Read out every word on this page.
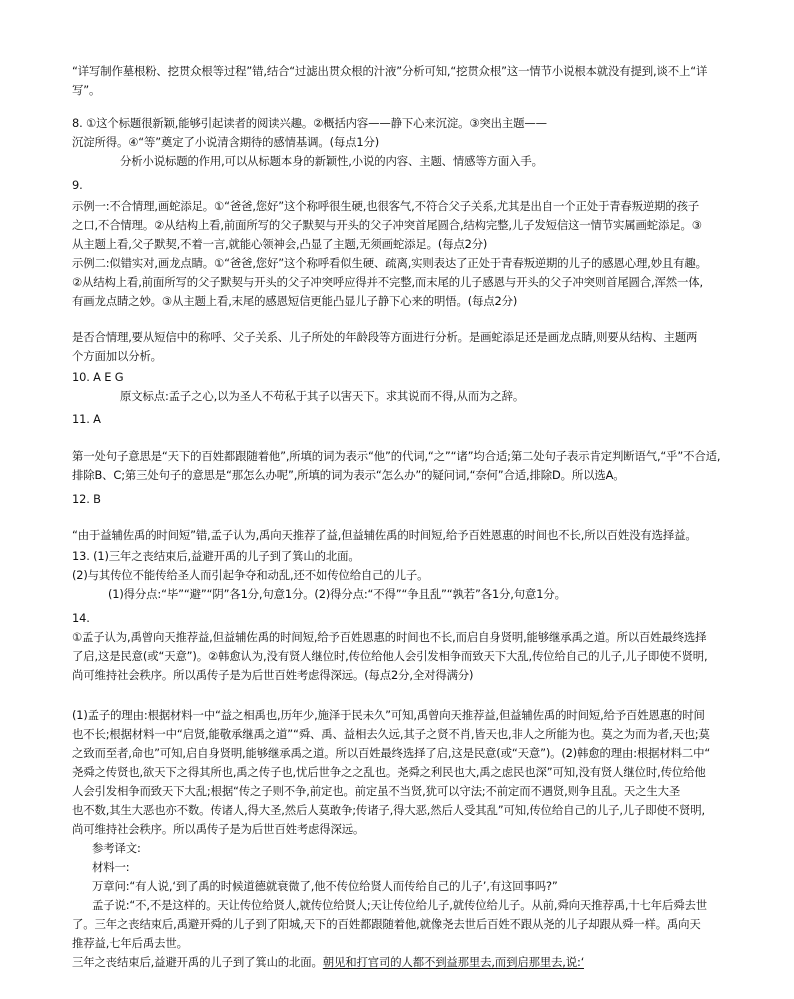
“详写制作墓根粉、挖贯众根等过程”错,结合“过滤出贯众根的汁液”分析可知,“挖贯众根”这一情节小说根本就没有提到,谈不上“详
写”。
8. ①这个标题很新颖,能够引起读者的阅读兴趣。②概括内容——静下心来沉淀。③突出主题——
沉淀所得。④“等”奠定了小说清含期待的感情基调。(每点1分)
分析小说标题的作用,可以从标题本身的新颖性,小说的内容、主题、情感等方面入手。
9.
示例一:不合情理,画蛇添足。①“爸爸,您好”这个称呼很生硬,也很客气,不符合父子关系,尤其是出自一个正处于青春叛逆期的孩子
之口,不合情理。②从结构上看,前面所写的父子默契与开头的父子冲突首尾圆合,结构完整,儿子发短信这一情节实属画蛇添足。③
从主题上看,父子默契,不着一言,就能心领神会,凸显了主题,无须画蛇添足。(每点2分)
示例二:似错实对,画龙点睛。①“爸爸,您好”这个称呼看似生硬、疏离,实则表达了正处于青春叛逆期的儿子的感恩心理,妙且有趣。
②从结构上看,前面所写的父子默契与开头的父子冲突呼应得并不完整,而末尾的儿子感恩与开头的父子冲突则首尾圆合,浑然一体,
有画龙点睛之妙。③从主题上看,末尾的感恩短信更能凸显儿子静下心来的明悟。(每点2分)
是否合情理,要从短信中的称呼、父子关系、儿子所处的年龄段等方面进行分析。是画蛇添足还是画龙点睛,则要从结构、主题两
个方面加以分析。
10. A E G
原文标点:孟子之心,以为圣人不苟私于其子以害天下。求其说而不得,从而为之辞。
11. A
第一处句子意思是“天下的百姓都跟随着他”,所填的词为表示“他”的代词,“之”“诸”均合适;第二处句子表示肯定判断语气,“乎”不合适,
排除B、C;第三处句子的意思是“那怎么办呢”,所填的词为表示“怎么办”的疑问词,“奈何”合适,排除D。所以选A。
12. B
“由于益辅佐禹的时间短”错,孟子认为,禹向天推荐了益,但益辅佐禹的时间短,给予百姓恩惠的时间也不长,所以百姓没有选择益。
13. (1)三年之丧结束后,益避开禹的儿子到了箕山的北面。
(2)与其传位不能传给圣人而引起争夺和动乱,还不如传位给自己的儿子。
(1)得分点:“毕”“避”“阴”各1分,句意1分。(2)得分点:“不得”“争且乱”“孰若”各1分,句意1分。
14.
①孟子认为,禹曾向天推荐益,但益辅佐禹的时间短,给予百姓恩惠的时间也不长,而启自身贤明,能够继承禹之道。所以百姓最终选择
了启,这是民意(或“天意”)。②韩愈认为,没有贤人继位时,传位给他人会引发相争而致天下大乱,传位给自己的儿子,儿子即使不贤明,
尚可维持社会秩序。所以禹传子是为后世百姓考虑得深远。(每点2分,全对得满分)
(1)孟子的理由:根据材料一中“益之相禹也,历年少,施泽于民未久”可知,禹曾向天推荐益,但益辅佐禹的时间短,给予百姓恩惠的时间
也不长;根据材料一中“启贤,能敬承继禹之道”“舜、禹、益相去久远,其子之贤不肖,皆天也,非人之所能为也。莫之为而为者,天也;莫
之致而至者,命也”可知,启自身贤明,能够继承禹之道。所以百姓最终选择了启,这是民意(或“天意”)。(2)韩愈的理由:根据材料二中“
尧舜之传贤也,欲天下之得其所也,禹之传子也,忧后世争之之乱也。尧舜之利民也大,禹之虑民也深”可知,没有贤人继位时,传位给他
人会引发相争而致天下大乱;根据“传之子则不争,前定也。前定虽不当贤,犹可以守法;不前定而不遇贤,则争且乱。天之生大圣
也不数,其生大恶也亦不数。传诸人,得大圣,然后人莫敢争;传诸子,得大恶,然后人受其乱”可知,传位给自己的儿子,儿子即使不贤明,
尚可维持社会秩序。所以禹传子是为后世百姓考虑得深远。
参考译文:
材料一:
万章问:“有人说,‘到了禹的时候道德就衰微了,他不传位给贤人而传给自己的儿子’,有这回事吗?”
孟子说:“不,不是这样的。天让传位给贤人,就传位给贤人;天让传位给儿子,就传位给儿子。从前,舜向天推荐禹,十七年后舜去世
了。三年之丧结束后,禹避开舜的儿子到了阳城,天下的百姓都跟随着他,就像尧去世后百姓不跟从尧的儿子却跟从舜一样。禹向天
推荐益,七年后禹去世。
三年之丧结束后,益避开禹的儿子到了箕山的北面。朝见和打官司的人都不到益那里去,而到启那里去,说:‘
